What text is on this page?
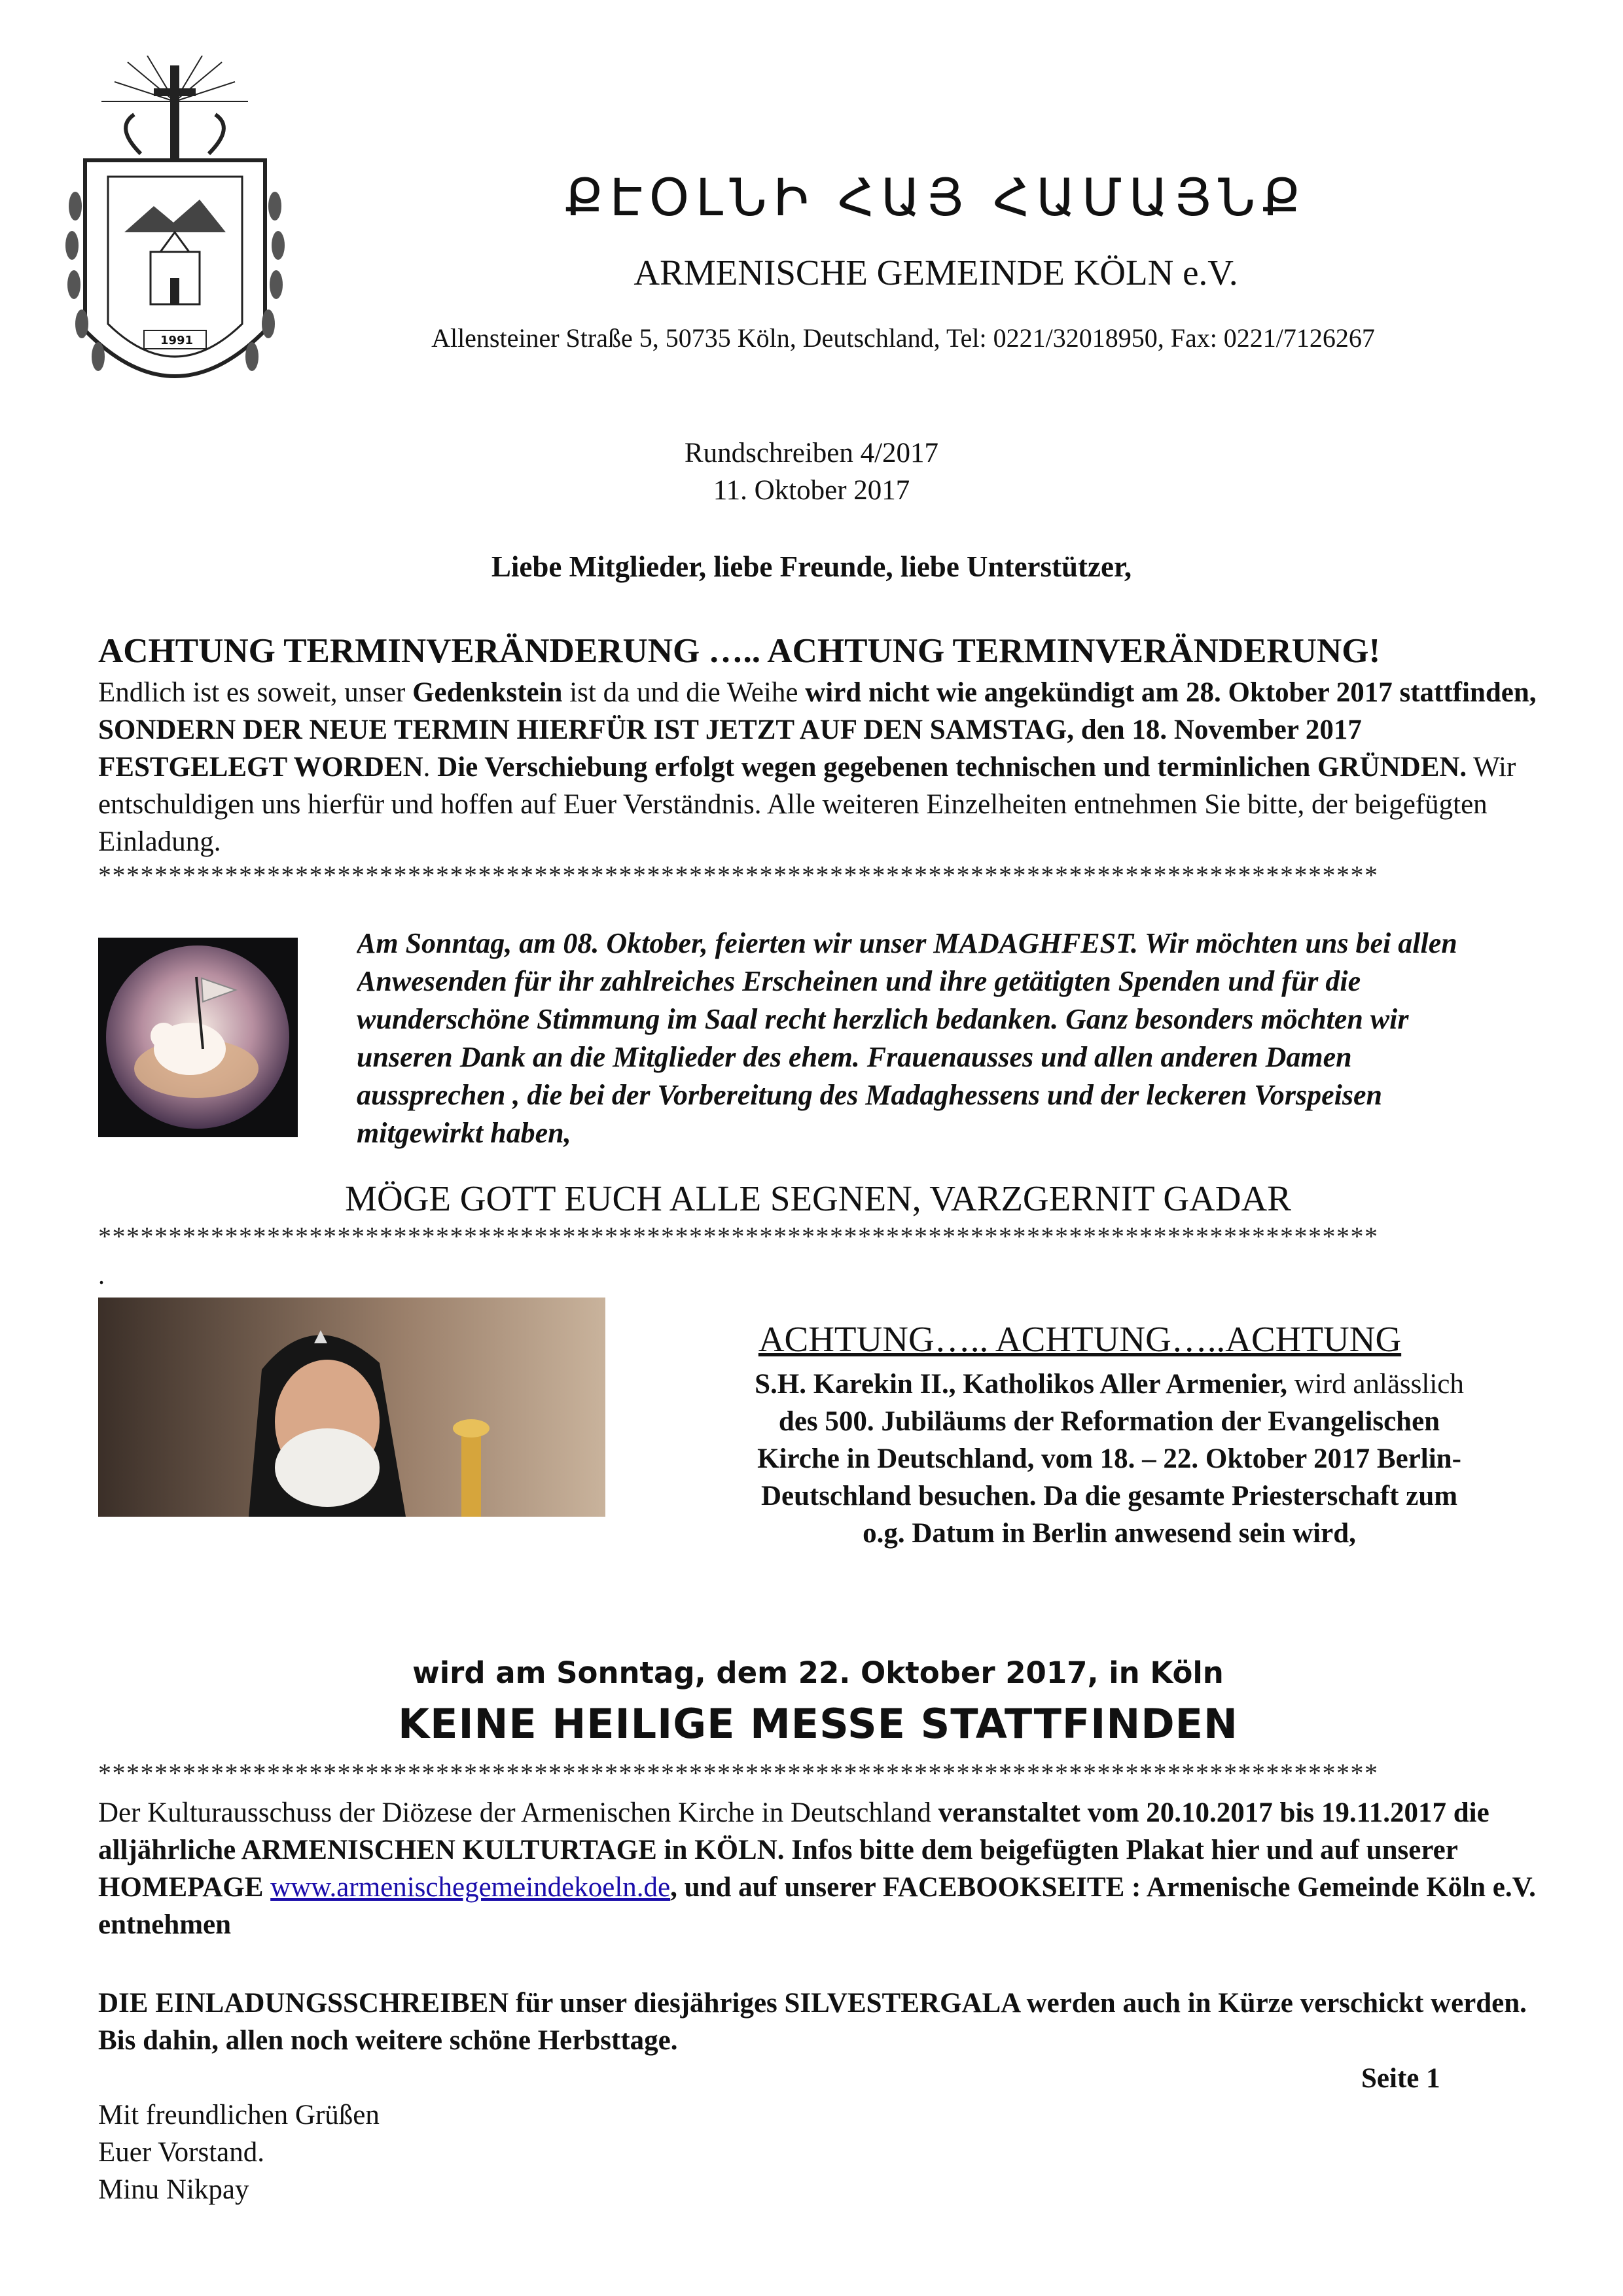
1991
ՔԷՕԼՆԻ ՀԱՅ ՀԱՄԱՅՆՔ
ARMENISCHE GEMEINDE KÖLN e.V.
Allensteiner Straße 5, 50735 Köln, Deutschland, Tel: 0221/32018950, Fax: 0221/7126267
Rundschreiben 4/2017
11. Oktober 2017
Liebe Mitglieder, liebe Freunde, liebe Unterstützer,
ACHTUNG TERMINVERÄNDERUNG ….. ACHTUNG TERMINVERÄNDERUNG!
Endlich ist es soweit, unser Gedenkstein ist da und die Weihe wird nicht wie angekündigt am 28. Oktober 2017 stattfinden, SONDERN DER NEUE TERMIN HIERFÜR IST JETZT AUF DEN SAMSTAG, den 18. November 2017 FESTGELEGT WORDEN. Die Verschiebung erfolgt wegen gegebenen technischen und terminlichen GRÜNDEN. Wir entschuldigen uns hierfür und hoffen auf Euer Verständnis. Alle weiteren Einzelheiten entnehmen Sie bitte, der beigefügten Einladung.
*******************************************************************************************
Am Sonntag, am 08. Oktober, feierten wir unser MADAGHFEST. Wir möchten uns bei allen Anwesenden für ihr zahlreiches Erscheinen und ihre getätigten Spenden und für die wunderschöne Stimmung im Saal recht herzlich bedanken. Ganz besonders möchten wir unseren Dank an die Mitglieder des ehem. Frauenausses und allen anderen Damen aussprechen , die bei der Vorbereitung des Madaghessens und der leckeren Vorspeisen mitgewirkt haben,
MÖGE GOTT EUCH ALLE SEGNEN, VARZGERNIT GADAR
*******************************************************************************************
.
ACHTUNG….. ACHTUNG…..ACHTUNG
S.H. Karekin II., Katholikos Aller Armenier, wird anlässlich des 500. Jubiläums der Reformation der Evangelischen Kirche in Deutschland, vom 18. – 22. Oktober 2017 Berlin- Deutschland besuchen. Da die gesamte Priesterschaft zum o.g. Datum in Berlin anwesend sein wird,
wird am Sonntag, dem 22. Oktober 2017, in Köln
KEINE HEILIGE MESSE STATTFINDEN
*******************************************************************************************
Der Kulturausschuss der Diözese der Armenischen Kirche in Deutschland veranstaltet vom 20.10.2017 bis 19.11.2017 die alljährliche ARMENISCHEN KULTURTAGE in KÖLN. Infos bitte dem beigefügten Plakat hier und auf unserer HOMEPAGE www.armenischegemeindekoeln.de, und auf unserer FACEBOOKSEITE : Armenische Gemeinde Köln e.V. entnehmen
DIE EINLADUNGSSCHREIBEN für unser diesjähriges SILVESTERGALA werden auch in Kürze verschickt werden. Bis dahin, allen noch weitere schöne Herbsttage.
Seite 1
Mit freundlichen Grüßen
Euer Vorstand.
Minu Nikpay
